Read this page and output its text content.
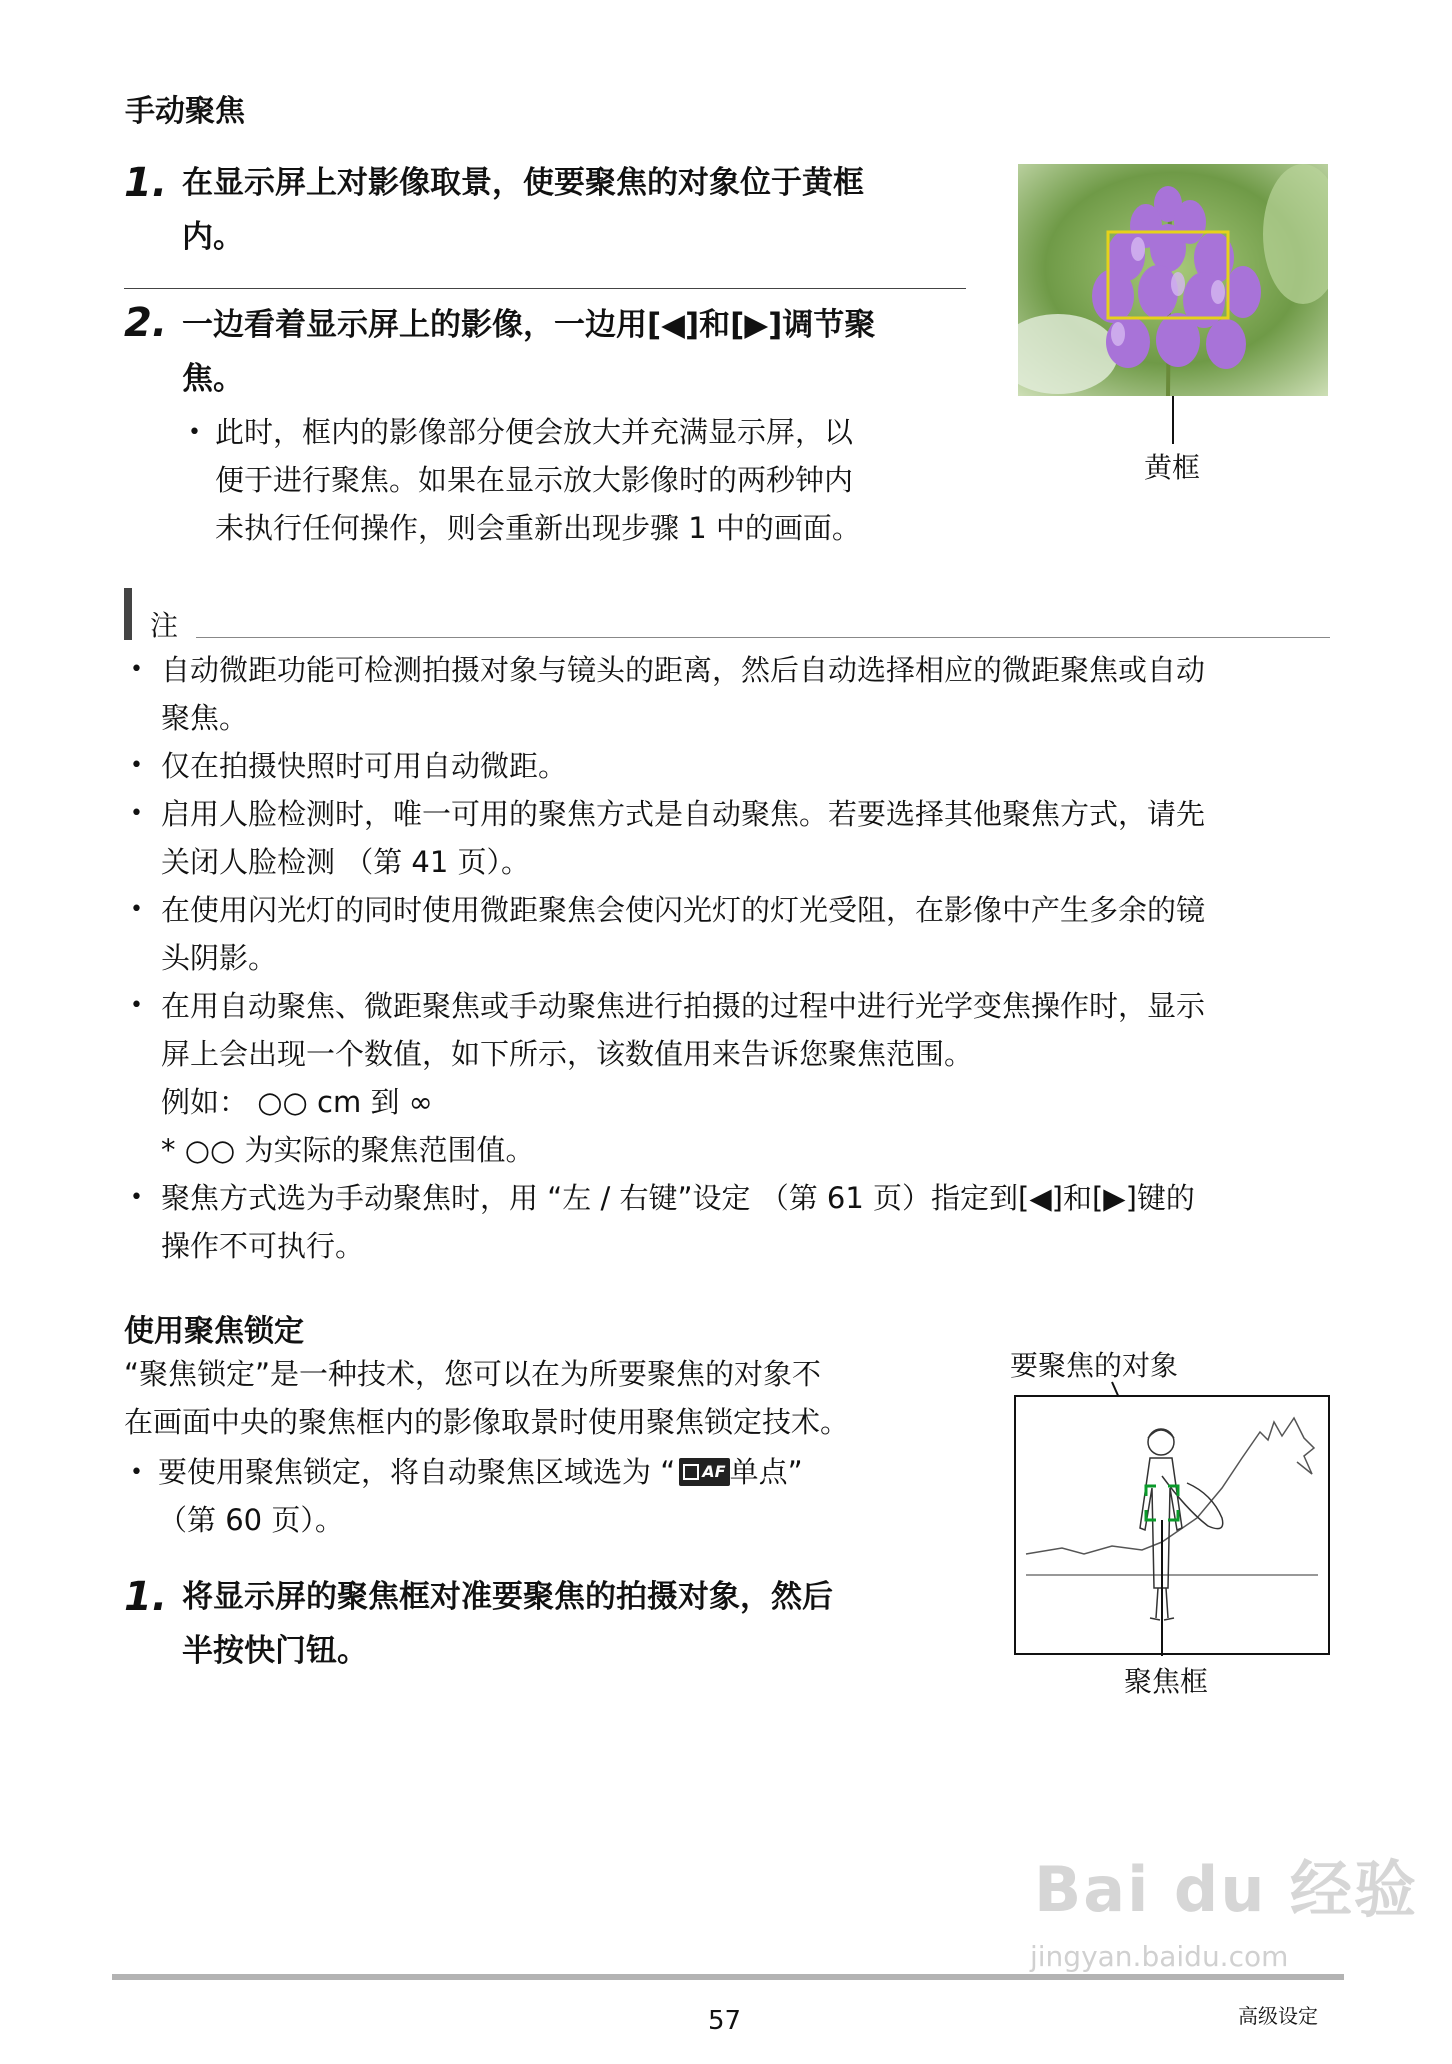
手动聚焦
1. 在显示屏上对影像取景，使要聚焦的对象位于黄框
内。
2. 一边看着显示屏上的影像，一边用[◀]和[▶]调节聚
焦。
• 此时，框内的影像部分便会放大并充满显示屏，以
便于进行聚焦。如果在显示放大影像时的两秒钟内
未执行任何操作，则会重新出现步骤 1 中的画面。
黄框
注
• 自动微距功能可检测拍摄对象与镜头的距离，然后自动选择相应的微距聚焦或自动
聚焦。
• 仅在拍摄快照时可用自动微距。
• 启用人脸检测时，唯一可用的聚焦方式是自动聚焦。若要选择其他聚焦方式，请先
关闭人脸检测 （第 41 页）。
• 在使用闪光灯的同时使用微距聚焦会使闪光灯的灯光受阻，在影像中产生多余的镜
头阴影。
• 在用自动聚焦、微距聚焦或手动聚焦进行拍摄的过程中进行光学变焦操作时，显示
屏上会出现一个数值，如下所示，该数值用来告诉您聚焦范围。
例如： ○○ cm 到 ∞
* ○○ 为实际的聚焦范围值。
• 聚焦方式选为手动聚焦时，用 “左 / 右键”设定 （第 61 页）指定到[◀]和[▶]键的
操作不可执行。
使用聚焦锁定
“聚焦锁定”是一种技术，您可以在为所要聚焦的对象不
在画面中央的聚焦框内的影像取景时使用聚焦锁定技术。
• 要使用聚焦锁定，将自动聚焦区域选为 “ AF 单点”
（第 60 页）。
1. 将显示屏的聚焦框对准要聚焦的拍摄对象，然后
半按快门钮。
要聚焦的对象
聚焦框
Bai du 经验
jingyan.baidu.com
57	高级设定
